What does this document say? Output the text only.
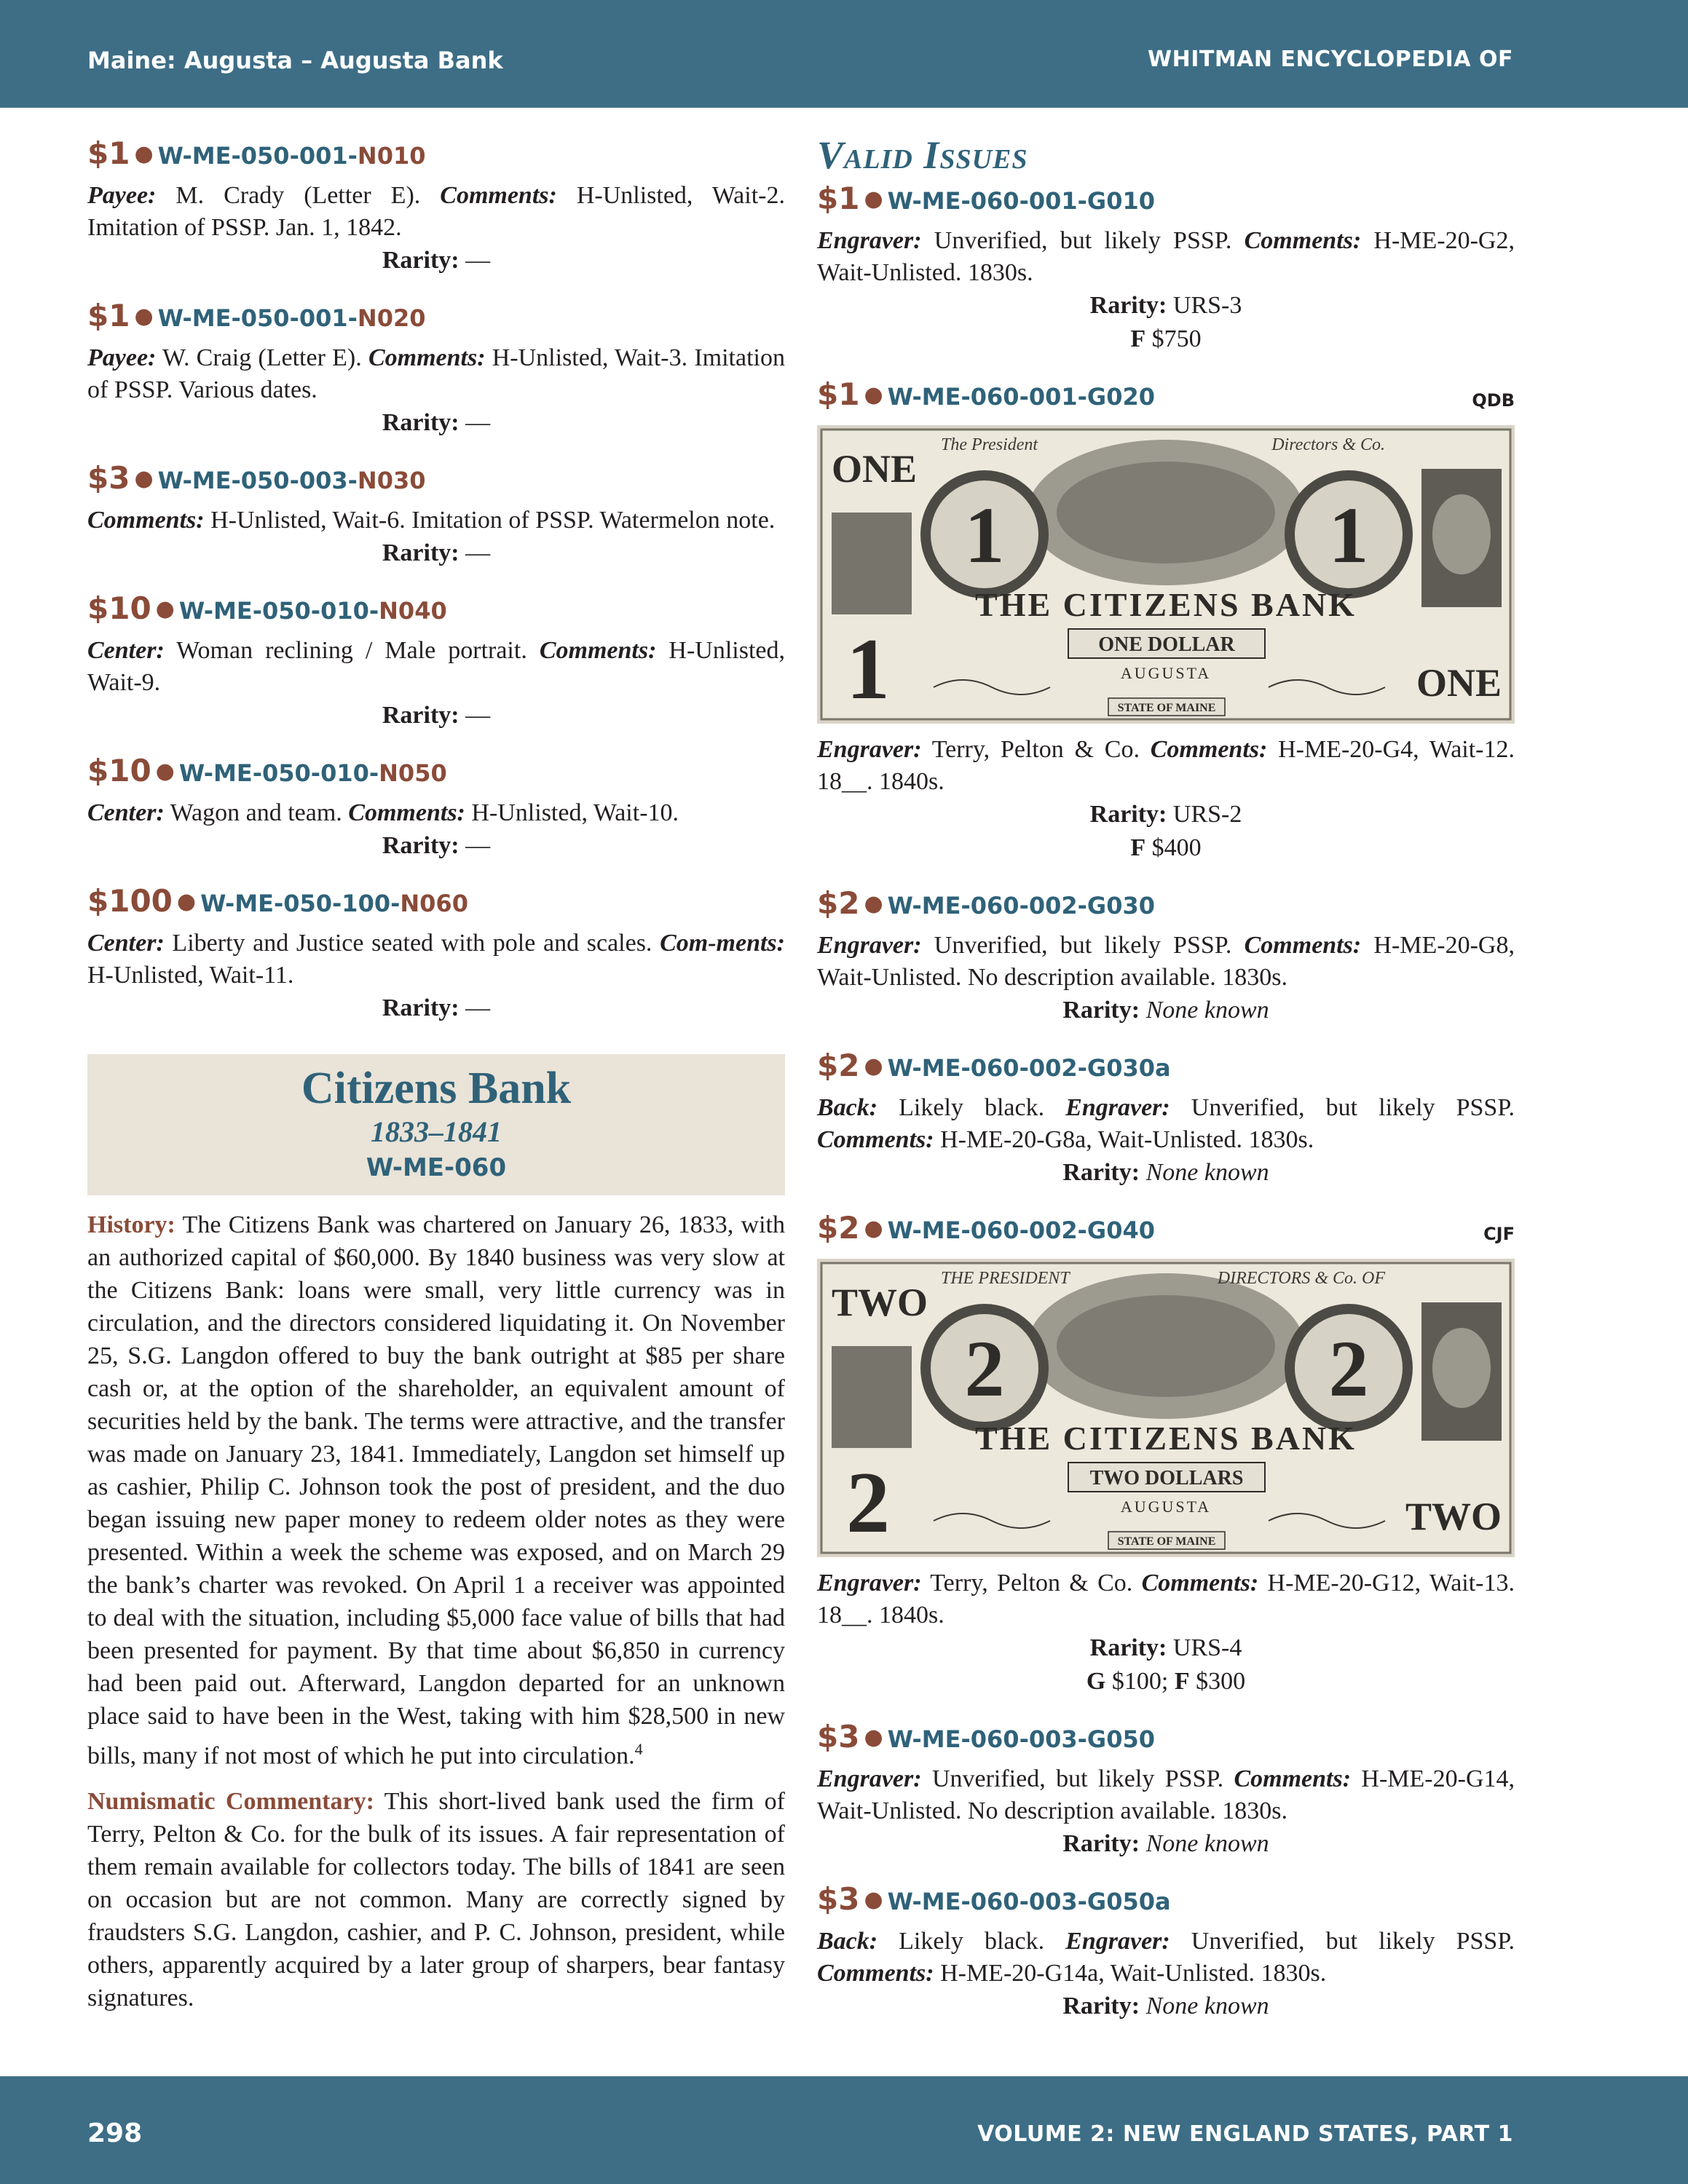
Maine: Augusta – Augusta Bank	WHITMAN ENCYCLOPEDIA OF
$1 ● W-ME-050-001-N010
Payee: M. Crady (Letter E). Comments: H-Unlisted, Wait-2. Imitation of PSSP. Jan. 1, 1842.
Rarity: —
$1 ● W-ME-050-001-N020
Payee: W. Craig (Letter E). Comments: H-Unlisted, Wait-3. Imitation of PSSP. Various dates.
Rarity: —
$3 ● W-ME-050-003-N030
Comments: H-Unlisted, Wait-6. Imitation of PSSP. Watermelon note.
Rarity: —
$10 ● W-ME-050-010-N040
Center: Woman reclining / Male portrait. Comments: H-Unlisted, Wait-9.
Rarity: —
$10 ● W-ME-050-010-N050
Center: Wagon and team. Comments: H-Unlisted, Wait-10.
Rarity: —
$100 ● W-ME-050-100-N060
Center: Liberty and Justice seated with pole and scales. Com-ments: H-Unlisted, Wait-11.
Rarity: —
Citizens Bank
1833–1841
W-ME-060
History: The Citizens Bank was chartered on January 26, 1833, with an authorized capital of $60,000. By 1840 business was very slow at the Citizens Bank: loans were small, very little currency was in circulation, and the directors considered liquidating it. On November 25, S.G. Langdon offered to buy the bank outright at $85 per share cash or, at the option of the shareholder, an equivalent amount of securities held by the bank. The terms were attractive, and the transfer was made on January 23, 1841. Immediately, Langdon set himself up as cashier, Philip C. Johnson took the post of president, and the duo began issuing new paper money to redeem older notes as they were presented. Within a week the scheme was exposed, and on March 29 the bank’s charter was revoked. On April 1 a receiver was appointed to deal with the situation, including $5,000 face value of bills that had been presented for payment. By that time about $6,850 in currency had been paid out. Afterward, Langdon departed for an unknown place said to have been in the West, taking with him $28,500 in new bills, many if not most of which he put into circulation.$^4$
Numismatic Commentary: This short-lived bank used the firm of Terry, Pelton & Co. for the bulk of its issues. A fair representation of them remain available for collectors today. The bills of 1841 are seen on occasion but are not common. Many are correctly signed by fraudsters S.G. Langdon, cashier, and P. C. Johnson, president, while others, apparently acquired by a later group of sharpers, bear fantasy signatures.
Valid Issues
$1 ● W-ME-060-001-G010
Engraver: Unverified, but likely PSSP. Comments: H-ME-20-G2, Wait-Unlisted. 1830s.
Rarity: URS-3
F $750
$1 ● W-ME-060-001-G020	QDB
1	1
ONE
ONE
1
The President	Directors & Co.
THE CITIZENS BANK
ONE DOLLAR
AUGUSTA
STATE OF MAINE
Engraver: Terry, Pelton & Co. Comments: H-ME-20-G4, Wait-12. 18__. 1840s.
Rarity: URS-2
F $400
$2 ● W-ME-060-002-G030
Engraver: Unverified, but likely PSSP. Comments: H-ME-20-G8, Wait-Unlisted. No description available. 1830s.
Rarity: None known
$2 ● W-ME-060-002-G030a
Back: Likely black. Engraver: Unverified, but likely PSSP. Comments: H-ME-20-G8a, Wait-Unlisted. 1830s.
Rarity: None known
$2 ● W-ME-060-002-G040	CJF
2	2
TWO
TWO
2
THE PRESIDENT	DIRECTORS & Co. OF
THE CITIZENS BANK
TWO DOLLARS
AUGUSTA
STATE OF MAINE
Engraver: Terry, Pelton & Co. Comments: H-ME-20-G12, Wait-13. 18__. 1840s.
Rarity: URS-4
G $100; F $300
$3 ● W-ME-060-003-G050
Engraver: Unverified, but likely PSSP. Comments: H-ME-20-G14, Wait-Unlisted. No description available. 1830s.
Rarity: None known
$3 ● W-ME-060-003-G050a
Back: Likely black. Engraver: Unverified, but likely PSSP. Comments: H-ME-20-G14a, Wait-Unlisted. 1830s.
Rarity: None known
298	VOLUME 2: NEW ENGLAND STATES, PART 1
